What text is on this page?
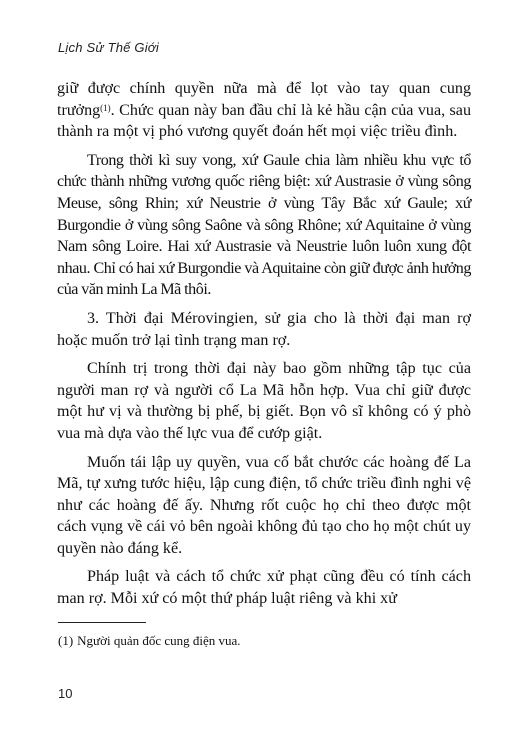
Lịch Sử Thế Giới

giữ được chính quyền nữa mà để lọt vào tay quan cung trưởng$^{(1)}$. Chức quan này ban đầu chỉ là kẻ hầu cận của vua, sau thành ra một vị phó vương quyết đoán hết mọi việc triều đình.

Trong thời kì suy vong, xứ Gaule chia làm nhiều khu vực tổ chức thành những vương quốc riêng biệt: xứ Austrasie ở vùng sông Meuse, sông Rhin; xứ Neustrie ở vùng Tây Bắc xứ Gaule; xứ Burgondie ở vùng sông Saône và sông Rhône; xứ Aquitaine ở vùng Nam sông Loire. Hai xứ Austrasie và Neustrie luôn luôn xung đột nhau. Chỉ có hai xứ Burgondie và Aquitaine còn giữ được ảnh hưởng của văn minh La Mã thôi.

3. Thời đại Mérovingien, sử gia cho là thời đại man rợ hoặc muốn trở lại tình trạng man rợ.

Chính trị trong thời đại này bao gồm những tập tục của người man rợ và người cổ La Mã hỗn hợp. Vua chỉ giữ được một hư vị và thường bị phế, bị giết. Bọn vô sĩ không có ý phò vua mà dựa vào thế lực vua để cướp giật.

Muốn tái lập uy quyền, vua cố bắt chước các hoàng đế La Mã, tự xưng tước hiệu, lập cung điện, tổ chức triều đình nghi vệ như các hoàng đế ấy. Nhưng rốt cuộc họ chỉ theo được một cách vụng về cái vỏ bên ngoài không đủ tạo cho họ một chút uy quyền nào đáng kể.

Pháp luật và cách tổ chức xử phạt cũng đều có tính cách man rợ. Mỗi xứ có một thứ pháp luật riêng và khi xử

(1) Người quản đốc cung điện vua.
10
